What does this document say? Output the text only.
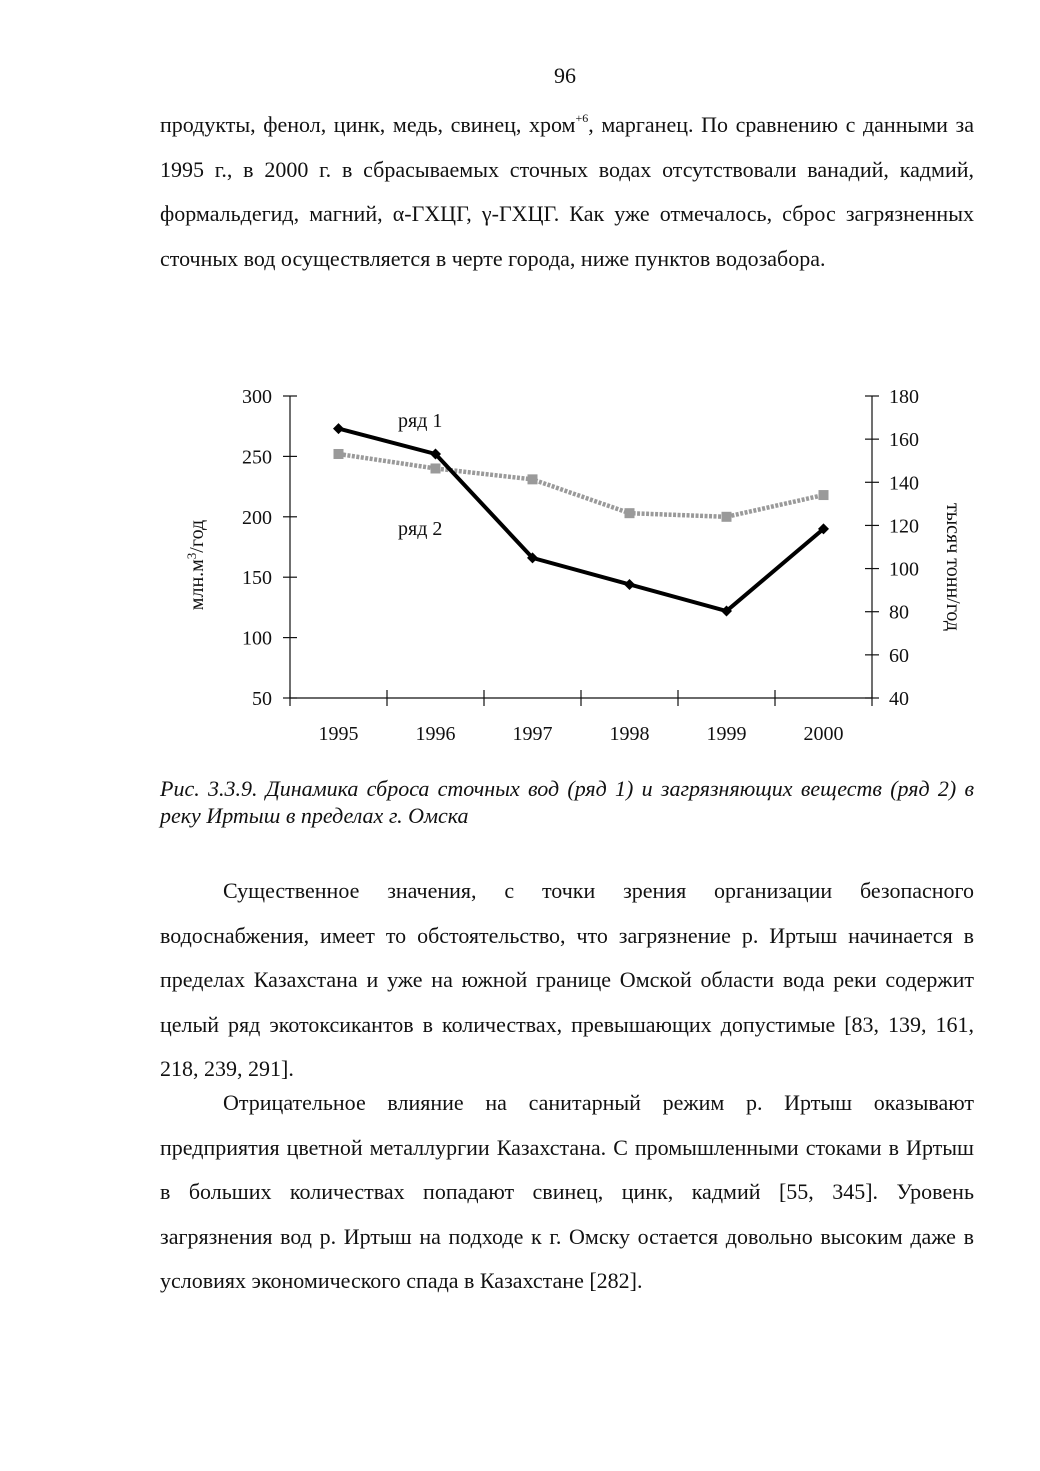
96

продукты, фенол, цинк, медь, свинец, хром$^{+6}$, марганец. По сравнению с данными за 1995 г., в 2000 г. в сбрасываемых сточных водах отсутствовали ванадий, кадмий, формальдегид, магний, α-ГХЦГ, γ-ГХЦГ. Как уже отмечалось, сброс загрязненных сточных вод осуществляется в черте города, ниже пунктов водозабора.

50
100
150
200
250
300
40
60
80
100
120
140
160
180
1995	1996	1997	1998	1999	2000
$млн.м^3$/год	тысяч тонн/год
ряд 1
ряд 2
Рис. 3.3.9. Динамика сброса сточных вод (ряд 1) и загрязняющих веществ (ряд 2) в реку Иртыш в пределах г. Омска

Существенное значения, с точки зрения организации безопасного водоснабжения, имеет то обстоятельство, что загрязнение р. Иртыш начинается в пределах Казахстана и уже на южной границе Омской области вода реки содержит целый ряд экотоксикантов в количествах, превышающих допустимые [83, 139, 161, 218, 239, 291].

Отрицательное влияние на санитарный режим р. Иртыш оказывают предприятия цветной металлургии Казахстана. С промышленными стоками в Иртыш в больших количествах попадают свинец, цинк, кадмий [55, 345]. Уровень загрязнения вод р. Иртыш на подходе к г. Омску остается довольно высоким даже в условиях экономического спада в Казахстане [282].
